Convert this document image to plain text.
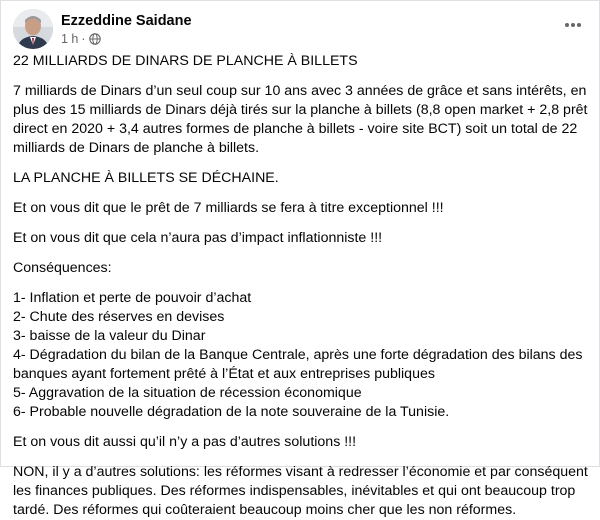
Ezzeddine Saidane
1 h ·

22 MILLIARDS DE DINARS DE PLANCHE À BILLETS

7 milliards de Dinars d’un seul coup sur 10 ans avec 3 années de grâce et sans intérêts, en plus des 15 milliards de Dinars déjà tirés sur la planche à billets (8,8 open market + 2,8 prêt direct en 2020 + 3,4 autres formes de planche à billets - voire site BCT) soit un total de 22 milliards de Dinars de planche à billets.

LA PLANCHE À BILLETS SE DÉCHAINE.

Et on vous dit que le prêt de 7 milliards se fera à titre exceptionnel !!!

Et on vous dit que cela n’aura pas d’impact inflationniste !!!

Conséquences:

1- Inflation et perte de pouvoir d’achat

2- Chute des réserves en devises

3- baisse de la valeur du Dinar

4- Dégradation du bilan de la Banque Centrale, après une forte dégradation des bilans des banques ayant fortement prêté à l’État et aux entreprises publiques

5- Aggravation de la situation de récession économique

6- Probable nouvelle dégradation de la note souveraine de la Tunisie.

Et on vous dit aussi qu’il n’y a pas d’autres solutions !!!

NON, il y a d’autres solutions: les réformes visant à redresser l’économie et par conséquent les finances publiques. Des réformes indispensables, inévitables et qui ont beaucoup trop tardé. Des réformes qui coûteraient beaucoup moins cher que les non réformes.
